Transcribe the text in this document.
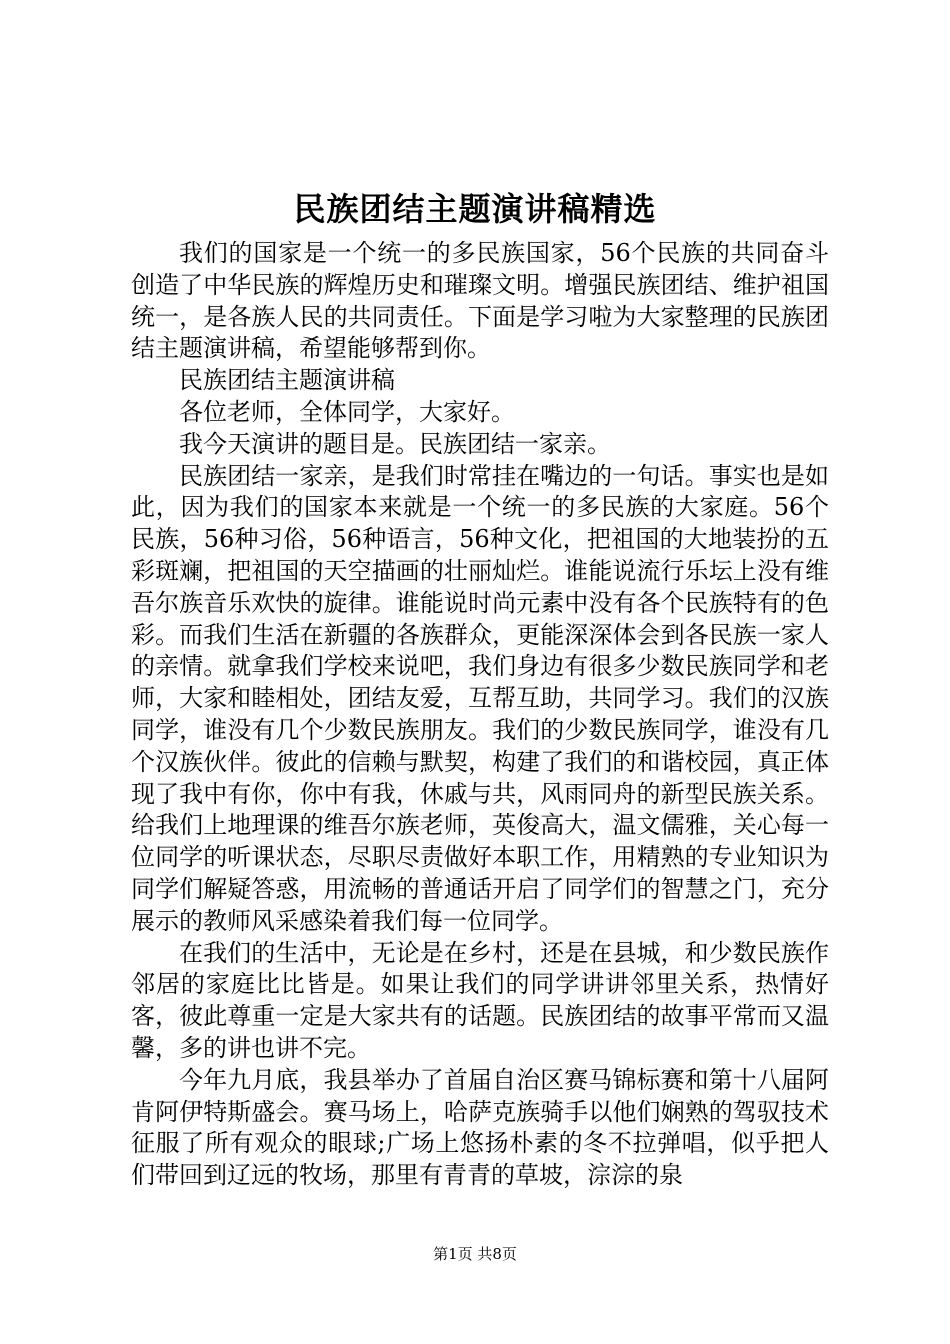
民族团结主题演讲稿精选

我们的国家是一个统一的多民族国家，56个民族的共同奋斗创造了中华民族的辉煌历史和璀璨文明。增强民族团结、维护祖国统一，是各族人民的共同责任。下面是学习啦为大家整理的民族团结主题演讲稿，希望能够帮到你。

民族团结主题演讲稿

各位老师，全体同学，大家好。

我今天演讲的题目是。民族团结一家亲。

民族团结一家亲，是我们时常挂在嘴边的一句话。事实也是如此，因为我们的国家本来就是一个统一的多民族的大家庭。56个民族，56种习俗，56种语言，56种文化，把祖国的大地装扮的五彩斑斓，把祖国的天空描画的壮丽灿烂。谁能说流行乐坛上没有维吾尔族音乐欢快的旋律。谁能说时尚元素中没有各个民族特有的色彩。而我们生活在新疆的各族群众，更能深深体会到各民族一家人的亲情。就拿我们学校来说吧，我们身边有很多少数民族同学和老师，大家和睦相处，团结友爱，互帮互助，共同学习。我们的汉族同学，谁没有几个少数民族朋友。我们的少数民族同学，谁没有几个汉族伙伴。彼此的信赖与默契，构建了我们的和谐校园，真正体现了我中有你，你中有我，休戚与共，风雨同舟的新型民族关系。给我们上地理课的维吾尔族老师，英俊高大，温文儒雅，关心每一位同学的听课状态，尽职尽责做好本职工作，用精熟的专业知识为同学们解疑答惑，用流畅的普通话开启了同学们的智慧之门，充分展示的教师风采感染着我们每一位同学。

在我们的生活中，无论是在乡村，还是在县城，和少数民族作邻居的家庭比比皆是。如果让我们的同学讲讲邻里关系，热情好客，彼此尊重一定是大家共有的话题。民族团结的故事平常而又温馨，多的讲也讲不完。

今年九月底，我县举办了首届自治区赛马锦标赛和第十八届阿肯阿伊特斯盛会。赛马场上，哈萨克族骑手以他们娴熟的驾驭技术征服了所有观众的眼球;广场上悠扬朴素的冬不拉弹唱，似乎把人们带回到辽远的牧场，那里有青青的草坡，淙淙的泉

第1页 共8页
